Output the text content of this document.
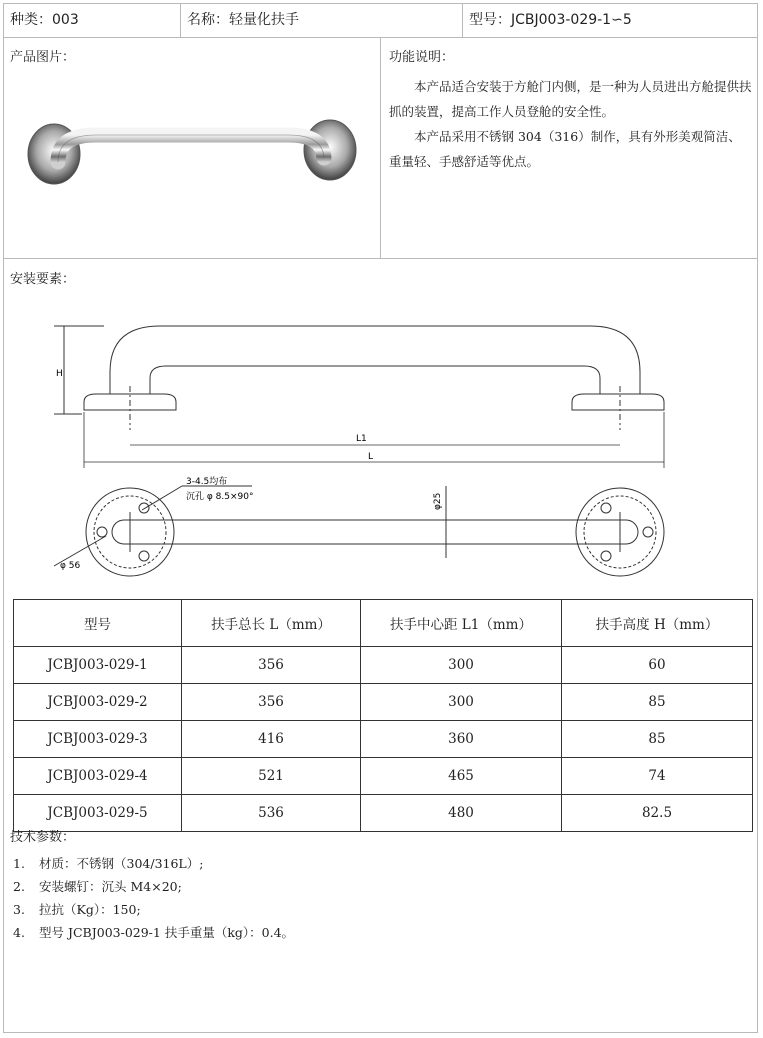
种类：003	名称：轻量化扶手	型号：JCBJ003-029-1∽5
产品图片：	功能说明：

本产品适合安装于方舱门内侧，是一种为人员进出方舱提供扶抓的装置，提高工作人员登舱的安全性。

本产品采用不锈钢 304（316）制作，具有外形美观简洁、重量轻、手感舒适等优点。

安装要素：
H
L1
L
3-4.5均布
沉孔 φ 8.5×90°	φ25
φ 56
型号	扶手总长 L（mm）	扶手中心距 L1（mm）	扶手高度 H（mm）
JCBJ003-029-1	356	300	60
JCBJ003-029-2	356	300	85
JCBJ003-029-3	416	360	85
JCBJ003-029-4	521	465	74
JCBJ003-029-5	536	480	82.5
技术参数：
1. 材质：不锈钢（304/316L）;
2. 安装螺钉：沉头 M4×20;
3. 拉抗（Kg）：150;
4. 型号 JCBJ003-029-1 扶手重量（kg）：0.4。
